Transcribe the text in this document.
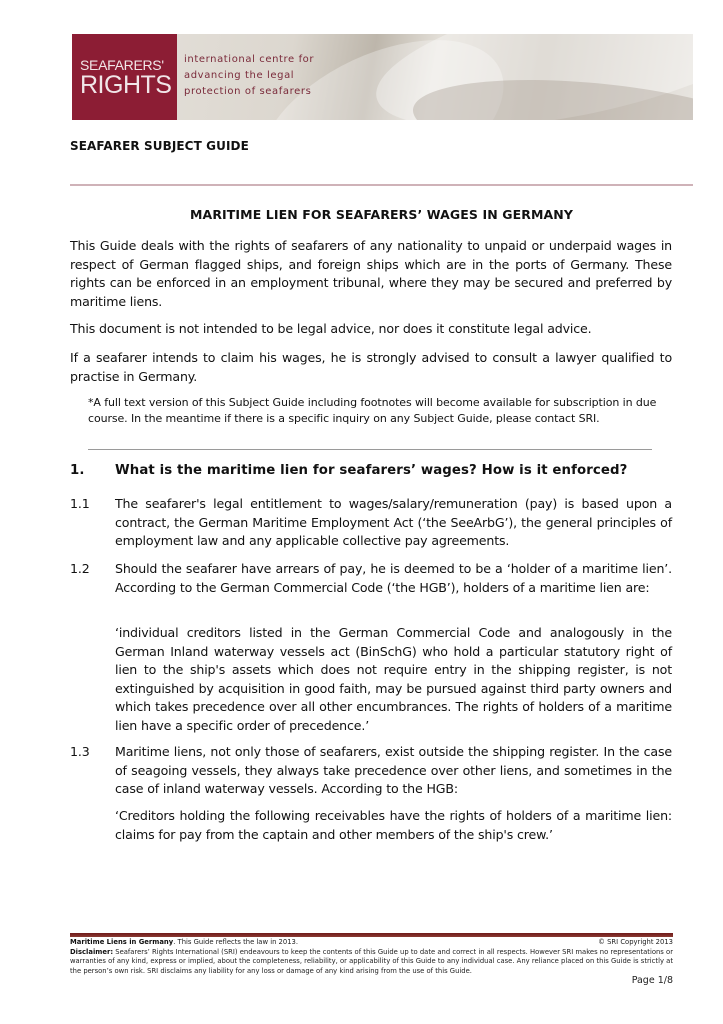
SEAFARERS'
RIGHTS
international centre for
advancing the legal
protection of seafarers
SEAFARER SUBJECT GUIDE
MARITIME LIEN FOR SEAFARERS’ WAGES IN GERMANY

This Guide deals with the rights of seafarers of any nationality to unpaid or underpaid wages in respect of German flagged ships, and foreign ships which are in the ports of Germany. These rights can be enforced in an employment tribunal, where they may be secured and preferred by maritime liens.

This document is not intended to be legal advice, nor does it constitute legal advice.

If a seafarer intends to claim his wages, he is strongly advised to consult a lawyer qualified to practise in Germany.

*A full text version of this Subject Guide including footnotes will become available for subscription in due course. In the meantime if there is a specific inquiry on any Subject Guide, please contact SRI.

1. What is the maritime lien for seafarers’ wages? How is it enforced?
1.1	The seafarer's legal entitlement to wages/salary/remuneration (pay) is based upon a contract, the German Maritime Employment Act (‘the SeeArbG’), the general principles of employment law and any applicable collective pay agreements.
1.2	Should the seafarer have arrears of pay, he is deemed to be a ‘holder of a maritime lien’. According to the German Commercial Code (‘the HGB’), holders of a maritime lien are:

‘individual creditors listed in the German Commercial Code and analogously in the German Inland waterway vessels act (BinSchG) who hold a particular statutory right of lien to the ship's assets which does not require entry in the shipping register, is not extinguished by acquisition in good faith, may be pursued against third party owners and which takes precedence over all other encumbrances. The rights of holders of a maritime lien have a specific order of precedence.’

1.3	Maritime liens, not only those of seafarers, exist outside the shipping register. In the case of seagoing vessels, they always take precedence over other liens, and sometimes in the case of inland waterway vessels. According to the HGB:

‘Creditors holding the following receivables have the rights of holders of a maritime lien: claims for pay from the captain and other members of the ship's crew.’

© SRI Copyright 2013
Maritime Liens in Germany. This Guide reflects the law in 2013.
Disclaimer: Seafarers’ Rights International (SRI) endeavours to keep the contents of this Guide up to date and correct in all respects. However SRI makes no representations or warranties of any kind, express or implied, about the completeness, reliability, or applicability of this Guide to any individual case. Any reliance placed on this Guide is strictly at the person’s own risk. SRI disclaims any liability for any loss or damage of any kind arising from the use of this Guide.
Page 1/8
